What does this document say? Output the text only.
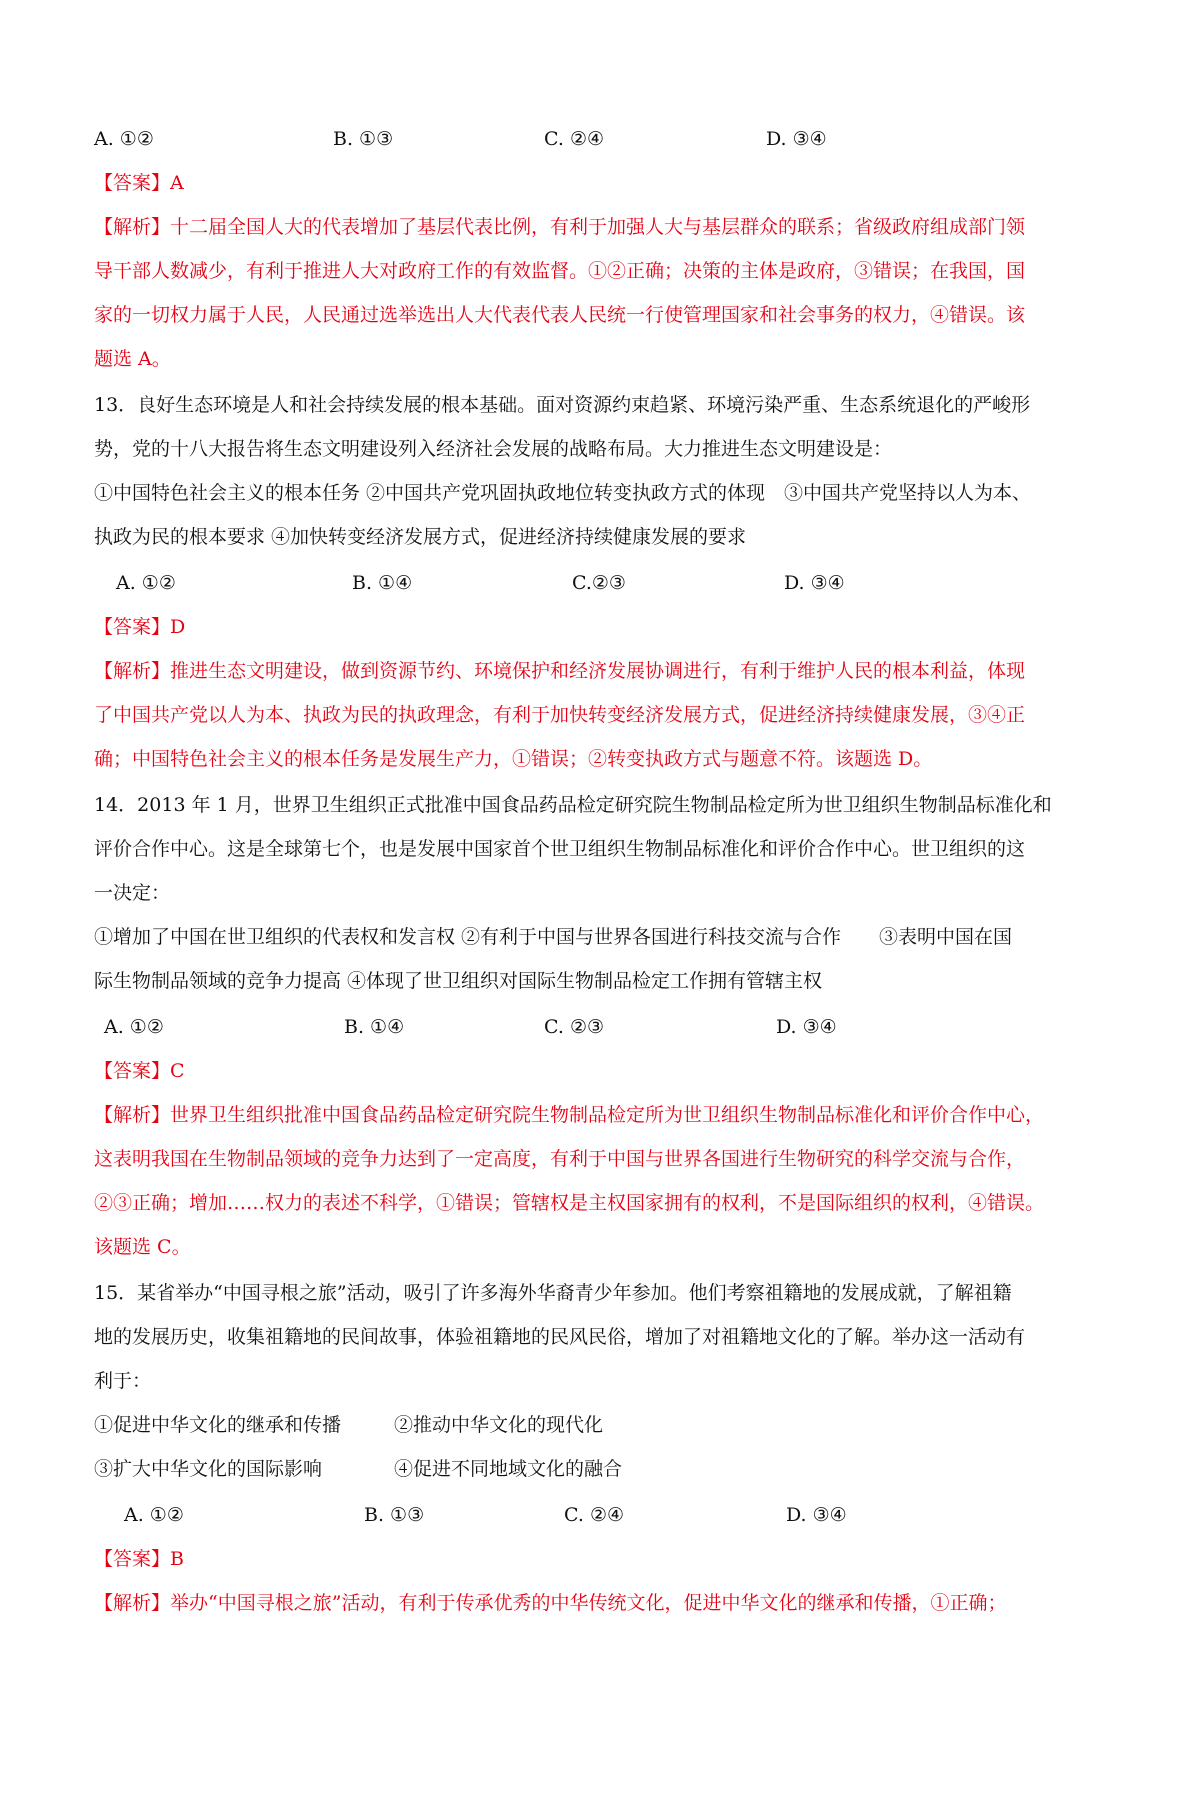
A. ①②	B. ①③	C. ②④	D. ③④
【答案】A
【解析】十二届全国人大的代表增加了基层代表比例，有利于加强人大与基层群众的联系；省级政府组成部门领
导干部人数减少，有利于推进人大对政府工作的有效监督。①②正确；决策的主体是政府，③错误；在我国，国
家的一切权力属于人民，人民通过选举选出人大代表代表人民统一行使管理国家和社会事务的权力，④错误。该
题选 A。
13．良好生态环境是人和社会持续发展的根本基础。面对资源约束趋紧、环境污染严重、生态系统退化的严峻形
势，党的十八大报告将生态文明建设列入经济社会发展的战略布局。大力推进生态文明建设是：
①中国特色社会主义的根本任务 ②中国共产党巩固执政地位转变执政方式的体现　③中国共产党坚持以人为本、
执政为民的根本要求 ④加快转变经济发展方式，促进经济持续健康发展的要求
A. ①②	B. ①④	C.②③	D. ③④
【答案】D
【解析】推进生态文明建设，做到资源节约、环境保护和经济发展协调进行，有利于维护人民的根本利益，体现
了中国共产党以人为本、执政为民的执政理念，有利于加快转变经济发展方式，促进经济持续健康发展，③④正
确；中国特色社会主义的根本任务是发展生产力，①错误；②转变执政方式与题意不符。该题选 D。
14．2013 年 1 月，世界卫生组织正式批准中国食品药品检定研究院生物制品检定所为世卫组织生物制品标准化和
评价合作中心。这是全球第七个，也是发展中国家首个世卫组织生物制品标准化和评价合作中心。世卫组织的这
一决定：
①增加了中国在世卫组织的代表权和发言权 ②有利于中国与世界各国进行科技交流与合作　　③表明中国在国
际生物制品领域的竞争力提高 ④体现了世卫组织对国际生物制品检定工作拥有管辖主权
A. ①②	B. ①④	C. ②③	D. ③④
【答案】C
【解析】世界卫生组织批准中国食品药品检定研究院生物制品检定所为世卫组织生物制品标准化和评价合作中心，
这表明我国在生物制品领域的竞争力达到了一定高度，有利于中国与世界各国进行生物研究的科学交流与合作，
②③正确；增加……权力的表述不科学，①错误；管辖权是主权国家拥有的权利，不是国际组织的权利，④错误。
该题选 C。
15．某省举办“中国寻根之旅”活动，吸引了许多海外华裔青少年参加。他们考察祖籍地的发展成就，了解祖籍
地的发展历史，收集祖籍地的民间故事，体验祖籍地的民风民俗，增加了对祖籍地文化的了解。举办这一活动有
利于：
①促进中华文化的继承和传播	②推动中华文化的现代化
③扩大中华文化的国际影响	④促进不同地域文化的融合
A. ①②	B. ①③	C. ②④	D. ③④
【答案】B
【解析】举办“中国寻根之旅”活动，有利于传承优秀的中华传统文化，促进中华文化的继承和传播，①正确；
